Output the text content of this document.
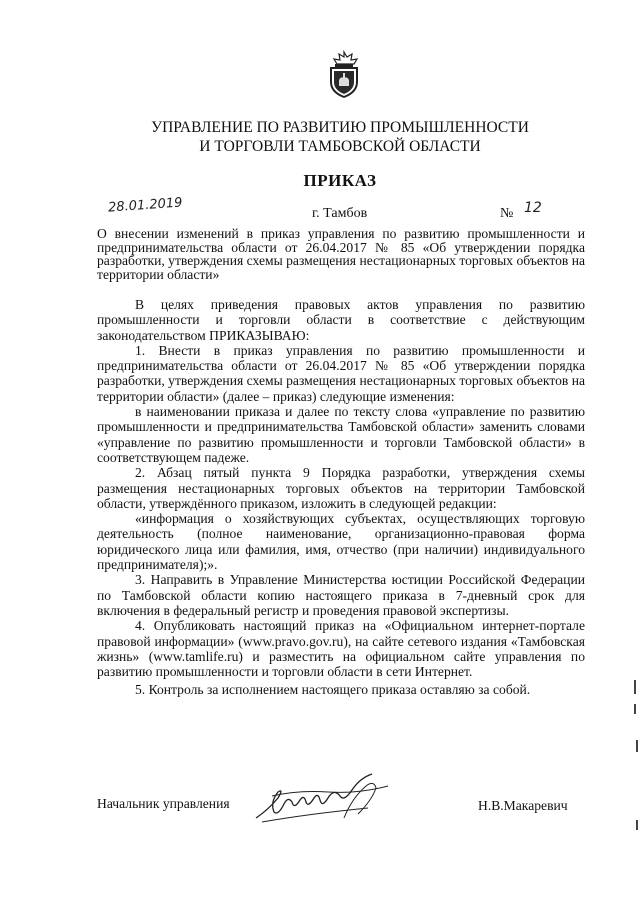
УПРАВЛЕНИЕ ПО РАЗВИТИЮ ПРОМЫШЛЕННОСТИ
И ТОРГОВЛИ ТАМБОВСКОЙ ОБЛАСТИ
ПРИКАЗ
28.01.2019	г. Тамбов	№ 12
О внесении изменений в приказ управления по развитию промышленности и предпринимательства области от 26.04.2017 № 85 «Об утверждении порядка разработки, утверждения схемы размещения нестационарных торговых объектов на территории области»

В целях приведения правовых актов управления по развитию промышленности и торговли области в соответствие с действующим законодательством ПРИКАЗЫВАЮ:

1. Внести в приказ управления по развитию промышленности и предпринимательства области от 26.04.2017 № 85 «Об утверждении порядка разработки, утверждения схемы размещения нестационарных торговых объектов на территории области» (далее – приказ) следующие изменения:

в наименовании приказа и далее по тексту слова «управление по развитию промышленности и предпринимательства Тамбовской области» заменить словами «управление по развитию промышленности и торговли Тамбовской области» в соответствующем падеже.

2. Абзац пятый пункта 9 Порядка разработки, утверждения схемы размещения нестационарных торговых объектов на территории Тамбовской области, утверждённого приказом, изложить в следующей редакции:

«информация о хозяйствующих субъектах, осуществляющих торговую деятельность (полное наименование, организационно-правовая форма юридического лица или фамилия, имя, отчество (при наличии) индивидуального предпринимателя);».

3. Направить в Управление Министерства юстиции Российской Федерации по Тамбовской области копию настоящего приказа в 7-дневный срок для включения в федеральный регистр и проведения правовой экспертизы.

4. Опубликовать настоящий приказ на «Официальном интернет-портале правовой информации» (www.pravo.gov.ru), на сайте сетевого издания «Тамбовская жизнь» (www.tamlife.ru) и разместить на официальном сайте управления по развитию промышленности и торговли области в сети Интернет.

5. Контроль за исполнением настоящего приказа оставляю за собой.

Начальник управления	Н.В.Макаревич
